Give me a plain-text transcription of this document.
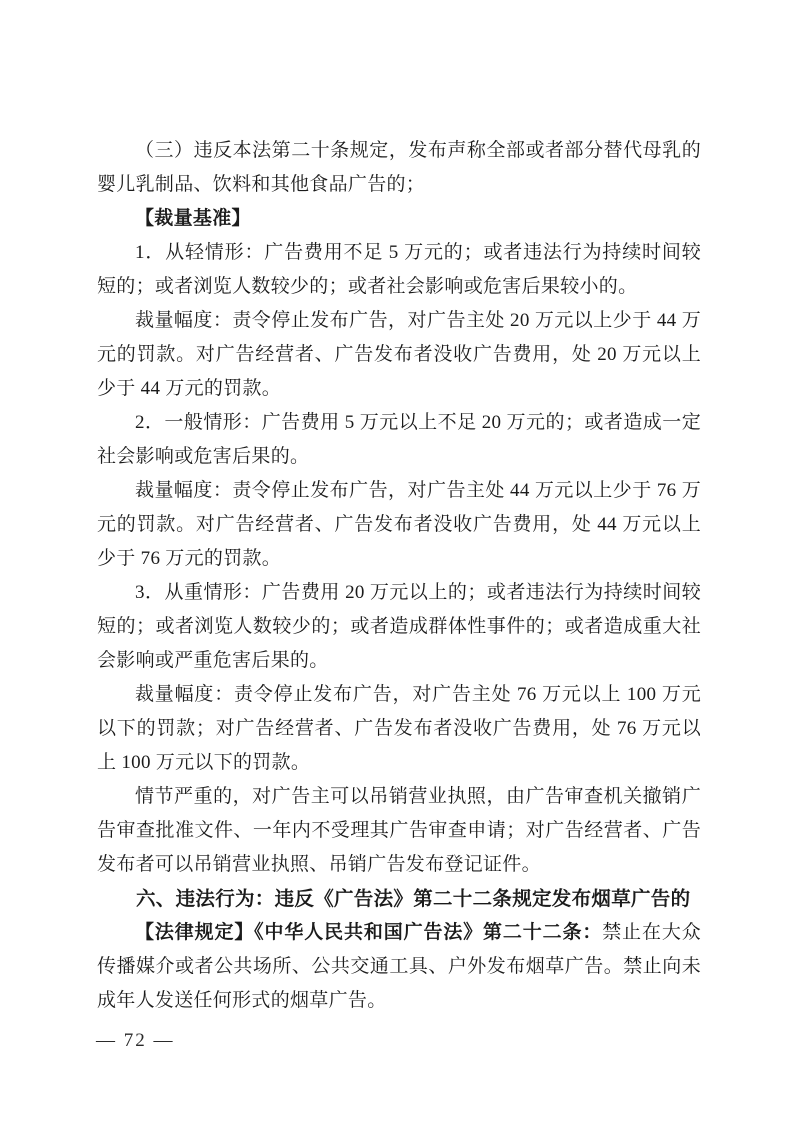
（三）违反本法第二十条规定，发布声称全部或者部分替代母乳的婴儿乳制品、饮料和其他食品广告的；

【裁量基准】

1．从轻情形：广告费用不足 5 万元的；或者违法行为持续时间较短的；或者浏览人数较少的；或者社会影响或危害后果较小的。

裁量幅度：责令停止发布广告，对广告主处 20 万元以上少于 44 万元的罚款。对广告经营者、广告发布者没收广告费用，处 20 万元以上少于 44 万元的罚款。

2．一般情形：广告费用 5 万元以上不足 20 万元的；或者造成一定社会影响或危害后果的。

裁量幅度：责令停止发布广告，对广告主处 44 万元以上少于 76 万元的罚款。对广告经营者、广告发布者没收广告费用，处 44 万元以上少于 76 万元的罚款。

3．从重情形：广告费用 20 万元以上的；或者违法行为持续时间较短的；或者浏览人数较少的；或者造成群体性事件的；或者造成重大社会影响或严重危害后果的。

裁量幅度：责令停止发布广告，对广告主处 76 万元以上 100 万元以下的罚款；对广告经营者、广告发布者没收广告费用，处 76 万元以上 100 万元以下的罚款。

情节严重的，对广告主可以吊销营业执照，由广告审查机关撤销广告审查批准文件、一年内不受理其广告审查申请；对广告经营者、广告发布者可以吊销营业执照、吊销广告发布登记证件。

六、违法行为：违反《广告法》第二十二条规定发布烟草广告的

【法律规定】《中华人民共和国广告法》第二十二条：禁止在大众传播媒介或者公共场所、公共交通工具、户外发布烟草广告。禁止向未成年人发送任何形式的烟草广告。

— 72 —
